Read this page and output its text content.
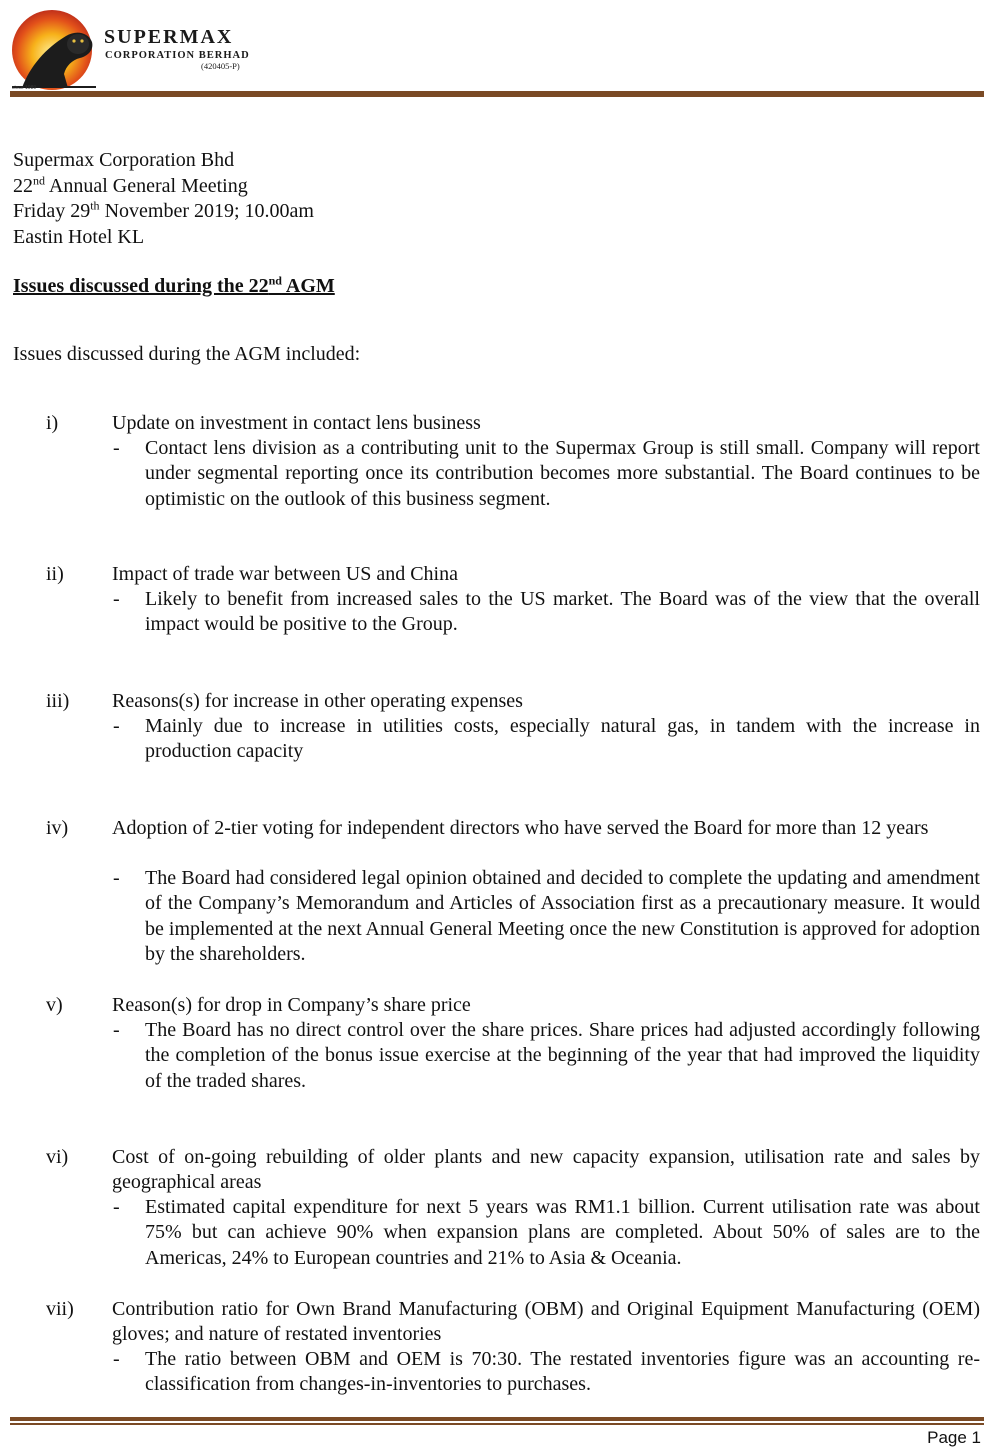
SUPERMAX
CORPORATION BERHAD
(420405-P)
since 1989
Supermax Corporation Bhd
22nd Annual General Meeting
Friday 29th November 2019; 10.00am
Eastin Hotel KL
Issues discussed during the 22nd AGM
Issues discussed during the AGM included:
i)	Update on investment in contact lens business
- Contact lens division as a contributing unit to the Supermax Group is still small. Company will report under segmental reporting once its contribution becomes more substantial. The Board continues to be optimistic on the outlook of this business segment.
ii) Impact of trade war between US and China
- Likely to benefit from increased sales to the US market. The Board was of the view that the overall impact would be positive to the Group.
iii) Reasons(s) for increase in other operating expenses
- Mainly due to increase in utilities costs, especially natural gas, in tandem with the increase in production capacity
iv) Adoption of 2-tier voting for independent directors who have served the Board for more than 12 years
- The Board had considered legal opinion obtained and decided to complete the updating and amendment of the Company’s Memorandum and Articles of Association first as a precautionary measure. It would be implemented at the next Annual General Meeting once the new Constitution is approved for adoption by the shareholders.
v) Reason(s) for drop in Company’s share price
- The Board has no direct control over the share prices. Share prices had adjusted accordingly following the completion of the bonus issue exercise at the beginning of the year that had improved the liquidity of the traded shares.
vi) Cost of on-going rebuilding of older plants and new capacity expansion, utilisation rate and sales by geographical areas
- Estimated capital expenditure for next 5 years was RM1.1 billion. Current utilisation rate was about 75% but can achieve 90% when expansion plans are completed. About 50% of sales are to the Americas, 24% to European countries and 21% to Asia & Oceania.
vii) Contribution ratio for Own Brand Manufacturing (OBM) and Original Equipment Manufacturing (OEM) gloves; and nature of restated inventories
- The ratio between OBM and OEM is 70:30. The restated inventories figure was an accounting re-classification from changes-in-inventories to purchases.
Page 1
